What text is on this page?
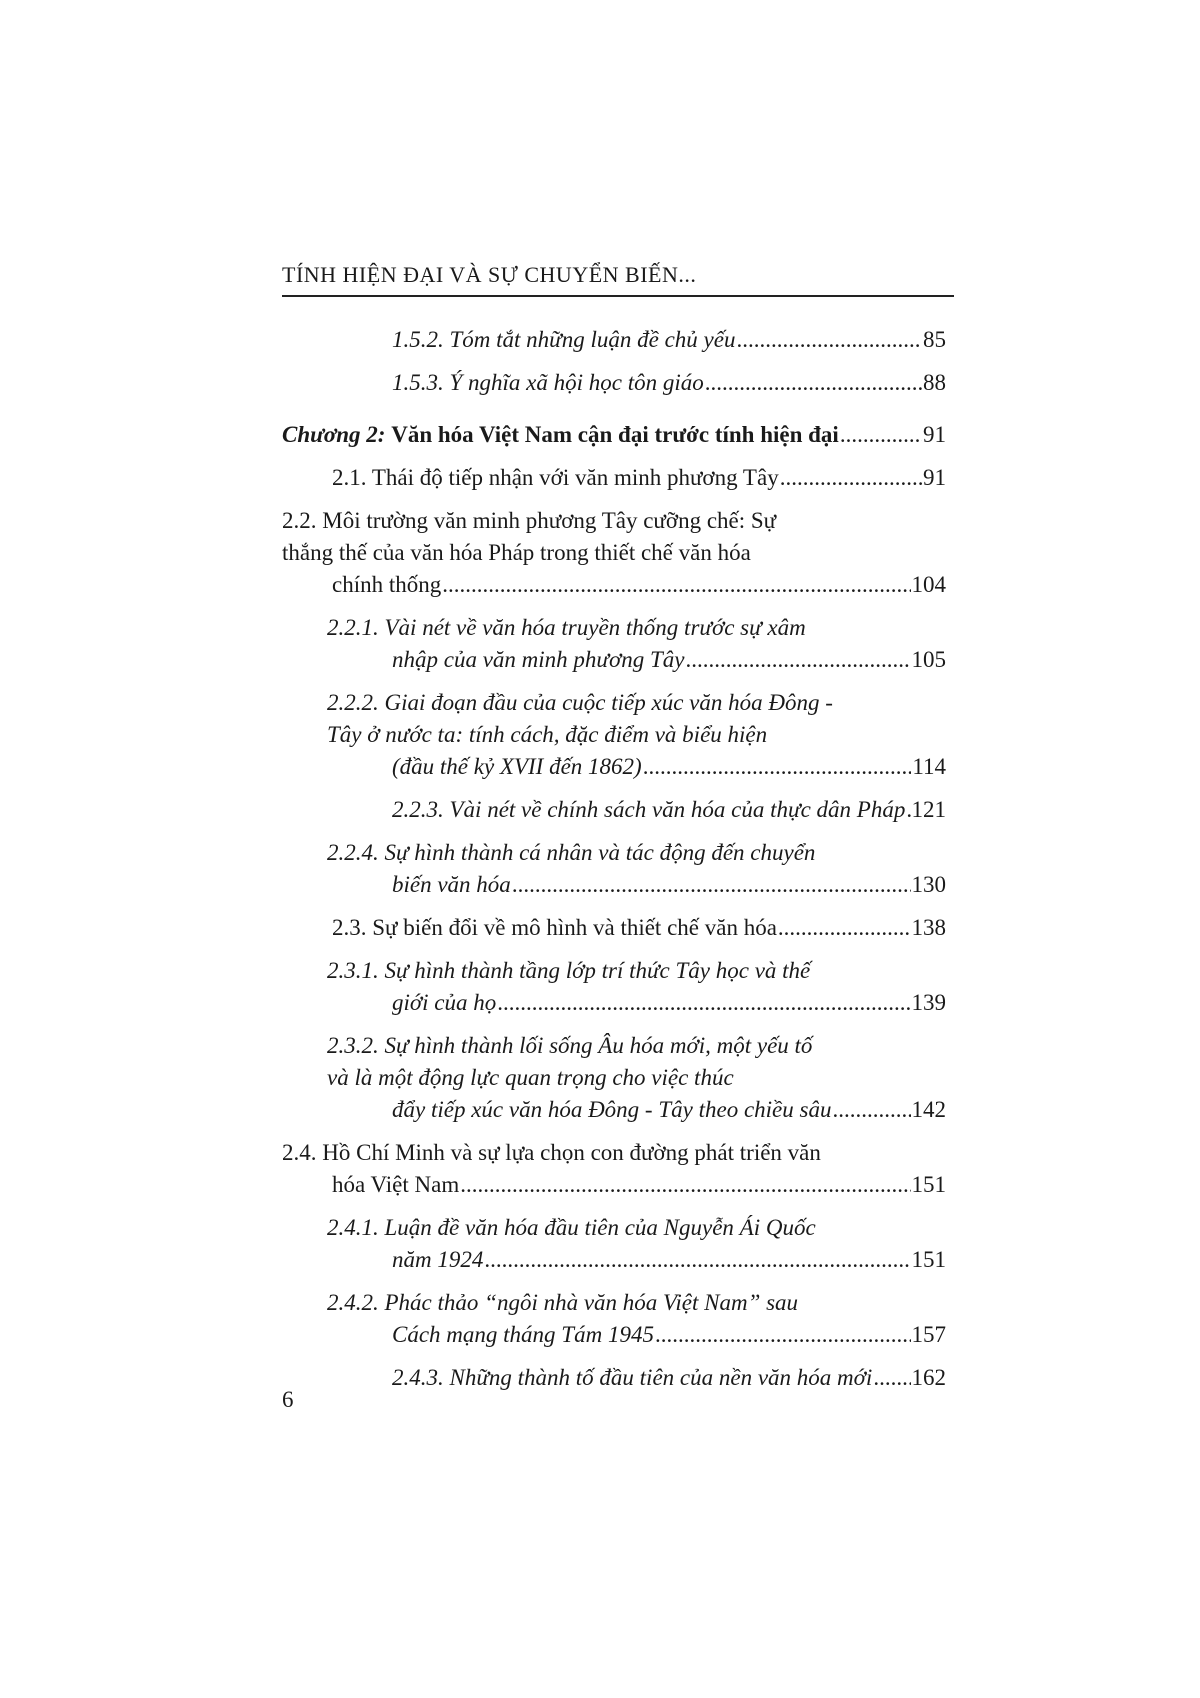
TÍNH HIỆN ĐẠI VÀ SỰ CHUYỂN BIẾN...
1.5.2. Tóm tắt những luận đề chủ yếu .....	85
1.5.3. Ý nghĩa xã hội học tôn giáo .....	88
Chương 2:
Văn hóa Việt Nam cận đại trước tính hiện đại .....	91
2.1. Thái độ tiếp nhận với văn minh phương Tây .....	91
2.2. Môi trường văn minh phương Tây cưỡng chế: Sự
thắng thế của văn hóa Pháp trong thiết chế văn hóa
chính thống .....	104
2.2.1. Vài nét về văn hóa truyền thống trước sự xâm
nhập của văn minh phương Tây .....	105
2.2.2. Giai đoạn đầu của cuộc tiếp xúc văn hóa Đông -
Tây ở nước ta: tính cách, đặc điểm và biểu hiện
(đầu thế kỷ XVII đến 1862) .....	114
2.2.3. Vài nét về chính sách văn hóa của thực dân Pháp ..... 121
2.2.4. Sự hình thành cá nhân và tác động đến chuyển
biến văn hóa .....	130
2.3. Sự biến đổi về mô hình và thiết chế văn hóa .....	138
2.3.1. Sự hình thành tầng lớp trí thức Tây học và thế
giới của họ .....	139
2.3.2. Sự hình thành lối sống Âu hóa mới, một yếu tố
và là một động lực quan trọng cho việc thúc
đẩy tiếp xúc văn hóa Đông - Tây theo chiều sâu .....	142
2.4. Hồ Chí Minh và sự lựa chọn con đường phát triển văn
hóa Việt Nam .....	151
2.4.1. Luận đề văn hóa đầu tiên của Nguyễn Ái Quốc
năm 1924 .....	151
2.4.2. Phác thảo “ngôi nhà văn hóa Việt Nam” sau
Cách mạng tháng Tám 1945 .....	157
2.4.3. Những thành tố đầu tiên của nền văn hóa mới ..... 162
6
